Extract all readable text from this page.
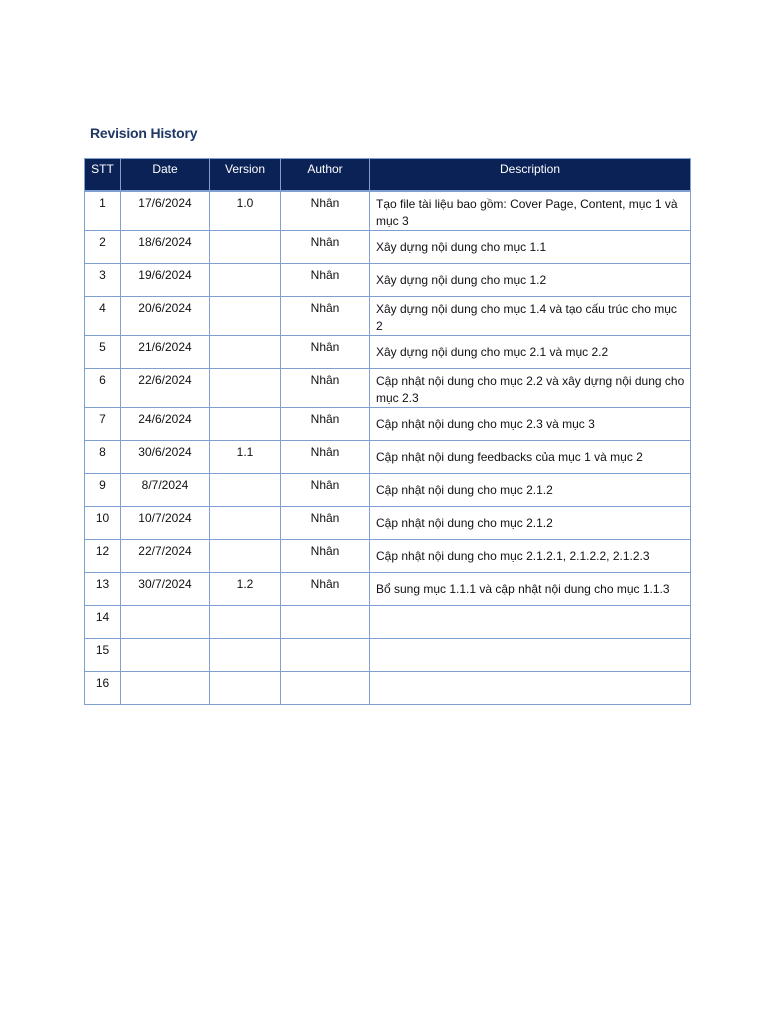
Revision History
STT	Date	Version	Author	Description
1	17/6/2024	1.0	Nhân	Tạo file tài liệu bao gồm: Cover Page, Content, mục 1 và mục 3
2	18/6/2024		Nhân	Xây dựng nội dung cho mục 1.1
3	19/6/2024		Nhân	Xây dựng nội dung cho mục 1.2
4	20/6/2024		Nhân	Xây dựng nội dung cho mục 1.4 và tạo cấu trúc cho mục 2
5	21/6/2024		Nhân	Xây dựng nội dung cho mục 2.1 và mục 2.2
6	22/6/2024		Nhân	Cập nhật nội dung cho mục 2.2 và xây dựng nội dung cho mục 2.3
7	24/6/2024		Nhân	Cập nhật nội dung cho mục 2.3 và mục 3
8	30/6/2024	1.1	Nhân	Cập nhật nội dung feedbacks của mục 1 và mục 2
9	8/7/2024		Nhân	Cập nhật nội dung cho mục 2.1.2
10	10/7/2024		Nhân	Cập nhật nội dung cho mục 2.1.2
12	22/7/2024		Nhân	Cập nhật nội dung cho mục 2.1.2.1, 2.1.2.2, 2.1.2.3
13	30/7/2024	1.2	Nhân	Bổ sung mục 1.1.1 và cập nhật nội dung cho mục 1.1.3
14				
15				
16				
